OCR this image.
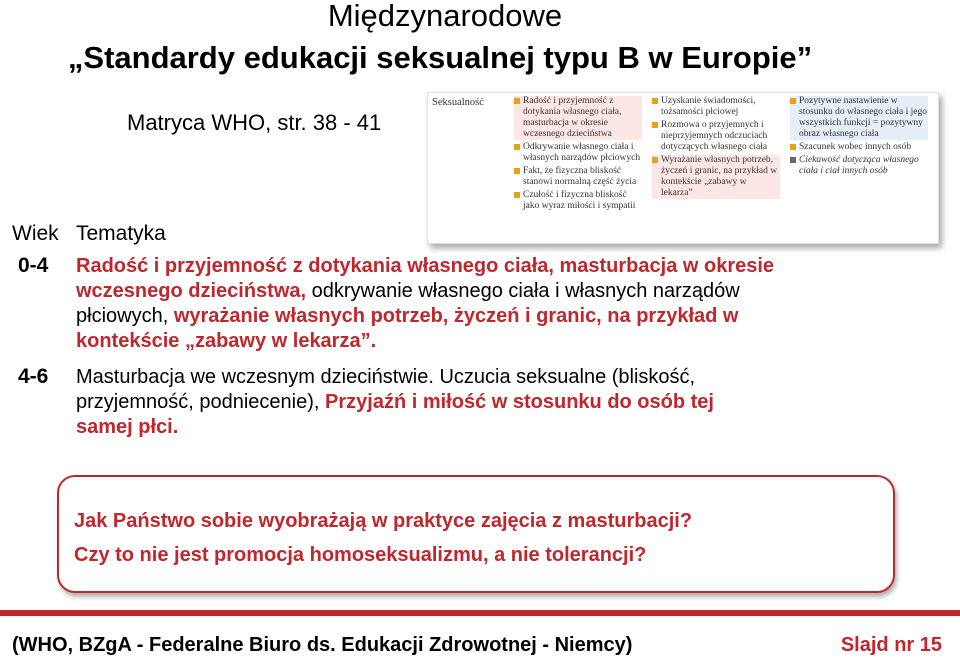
Międzynarodowe
„Standardy edukacji seksualnej typu B w Europie”
Matryca WHO, str. 38 - 41
Seksualność	Radość i przyjemność z dotykania własnego ciała, masturbacja w okresie wczesnego dzieciństwa
Odkrywanie własnego ciała i własnych narządów płciowych
Fakt, że fizyczna bliskość stanowi normalną część życia
Czułość i fizyczna bliskość jako wyraz miłości i sympatii
Uzyskanie świadomości, tożsamości płciowej
Rozmowa o przyjemnych i nieprzyjemnych odczuciach dotyczących własnego ciała
Wyrażanie własnych potrzeb, życzeń i granic, na przykład w kontekście „zabawy w lekarza”
Pozytywne nastawienie w stosunku do własnego ciała i jego wszystkich funkcji = pozytywny obraz własnego ciała
Szacunek wobec innych osób
Ciekawość dotycząca własnego ciała i ciał innych osób
Wiek Tematyka
0-4 Radość i przyjemność z dotykania własnego ciała, masturbacja w okresie
wczesnego dzieciństwa, odkrywanie własnego ciała i własnych narządów
płciowych, wyrażanie własnych potrzeb, życzeń i granic, na przykład w
kontekście „zabawy w lekarza”.
4-6 Masturbacja we wczesnym dzieciństwie. Uczucia seksualne (bliskość,
przyjemność, podniecenie), Przyjaźń i miłość w stosunku do osób tej
samej płci.
Jak Państwo sobie wyobrażają w praktyce zajęcia z masturbacji?
Czy to nie jest promocja homoseksualizmu, a nie tolerancji?
(WHO, BZgA - Federalne Biuro ds. Edukacji Zdrowotnej - Niemcy)	Slajd nr 15
